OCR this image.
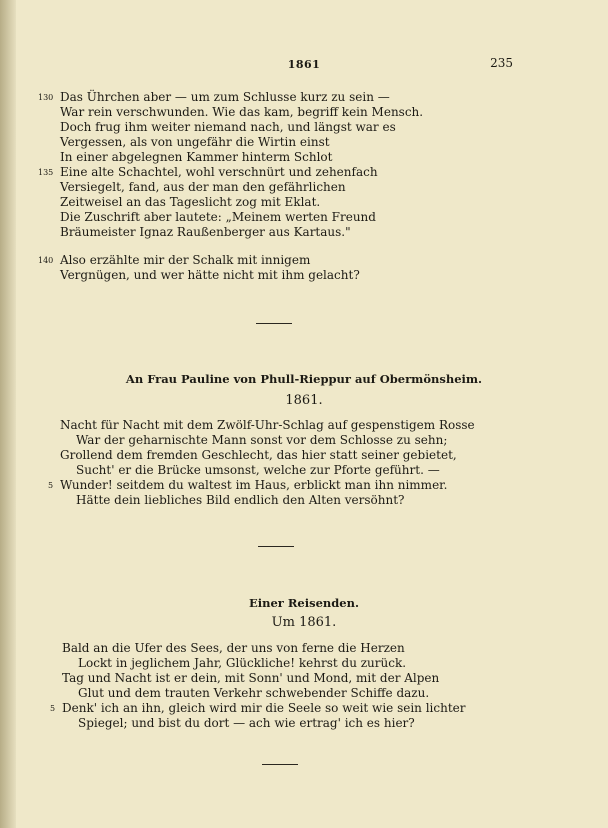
1861	235
130 Das Ührchen aber — um zum Schlusse kurz zu sein —
War rein verschwunden. Wie das kam, begriff kein Mensch.
Doch frug ihm weiter niemand nach, und längst war es
Vergessen, als von ungefähr die Wirtin einst
In einer abgelegnen Kammer hinterm Schlot
135 Eine alte Schachtel, wohl verschnürt und zehenfach
Versiegelt, fand, aus der man den gefährlichen
Zeitweisel an das Tageslicht zog mit Eklat.
Die Zuschrift aber lautete: „Meinem werten Freund
Bräumeister Ignaz Raußenberger aus Kartaus."
140 Also erzählte mir der Schalk mit innigem
Vergnügen, und wer hätte nicht mit ihm gelacht?
An Frau Pauline von Phull-Rieppur auf Obermönsheim.
1861.
Nacht für Nacht mit dem Zwölf-Uhr-Schlag auf gespenstigem Rosse
War der geharnischte Mann sonst vor dem Schlosse zu sehn;
Grollend dem fremden Geschlecht, das hier statt seiner gebietet,
Sucht' er die Brücke umsonst, welche zur Pforte geführt. —
5 Wunder! seitdem du waltest im Haus, erblickt man ihn nimmer.
Hätte dein liebliches Bild endlich den Alten versöhnt?
Einer Reisenden.
Um 1861.
Bald an die Ufer des Sees, der uns von ferne die Herzen
Lockt in jeglichem Jahr, Glückliche! kehrst du zurück.
Tag und Nacht ist er dein, mit Sonn' und Mond, mit der Alpen
Glut und dem trauten Verkehr schwebender Schiffe dazu.
5 Denk' ich an ihn, gleich wird mir die Seele so weit wie sein lichter
Spiegel; und bist du dort — ach wie ertrag' ich es hier?
